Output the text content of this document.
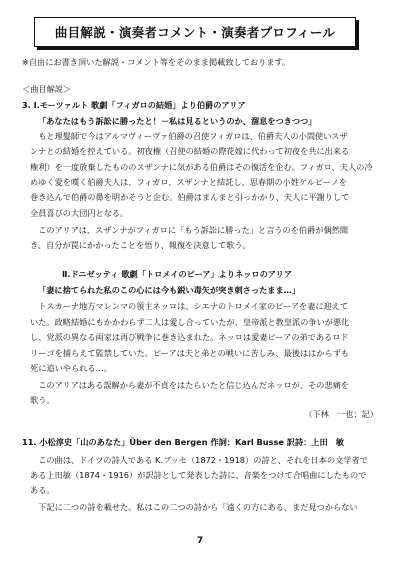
曲目解説・演奏者コメント・演奏者プロフィール
※自由にお書き頂いた解説・コメント等をそのまま掲載致しております。
＜曲目解説＞
3. Ⅰ.モーツァルト 歌劇「フィガロの結婚」より伯爵のアリア
「あなたはもう訴訟に勝ったと！－私は見るというのか、溜息をつきつつ」
　もと理髪師で今はアルマヴィーヴァ伯爵の召使フィガロは、伯爵夫人の小間使いスザ
ンナとの結婚を控えている。初夜権（召使の結婚の際花嫁に代わって初夜を共に出来る
権利）を一度放棄したもののスザンナに気がある伯爵はその復活を企む。フィガロ、夫人の冷
めゆく愛を嘆く伯爵夫人は、フィガロ、スザンナと結託し、思春期の小姓ケルビーノを
巻き込んで伯爵の鼻を明かそうと企む。伯爵はまんまと引っかかり、夫人に平謝りして
全員喜びの大団円となる。
　このアリアは、スザンナがフィガロに「もう訴訟に勝った」と言うのを伯爵が偶然聞
き、自分が罠にかかったことを悟り、報復を決意して歌う。
Ⅱ.ドニゼッティ 歌劇「トロメイのピーア」よりネッロのアリア
「妻に捨てられた私のこの心には今も鋭い毒矢が突き刺さったまま…」
　トスカーナ地方マレンマの領主ネッロは、シエナのトロメイ家のピーアを妻に迎えて
いた。政略結婚にもかかわらず二人は愛し合っていたが、皇帝派と教皇派の争いが悪化
し、党派の異なる両家は再び戦争に巻き込まれた。ネッロは愛妻ピーアの弟であるロド
リーゴを捕らえて監禁していた。ピーアは夫と弟との戦いに苦しみ、最後ははからずも
死に追いやられる…。
　このアリアはある誤解から妻が不貞をはたらいたと信じ込んだネッロが、その悲痛を
歌う。
（下林　一也；記）
11. 小松淳史「山のあなた」Über den Bergen 作詞：Karl Busse 訳詩：上田　敏
　この曲は、ドイツの詩人である K.ブッセ（1872・1918）の詩と、それを日本の文学者で
ある上田敏（1874・1916）が訳詩として発表した詩に、音楽をつけて合唱曲にしたもので
ある。
　下記に二つの詩を載せた。私はこの二つの詩から「遠くの方にある、まだ見つからない
7
